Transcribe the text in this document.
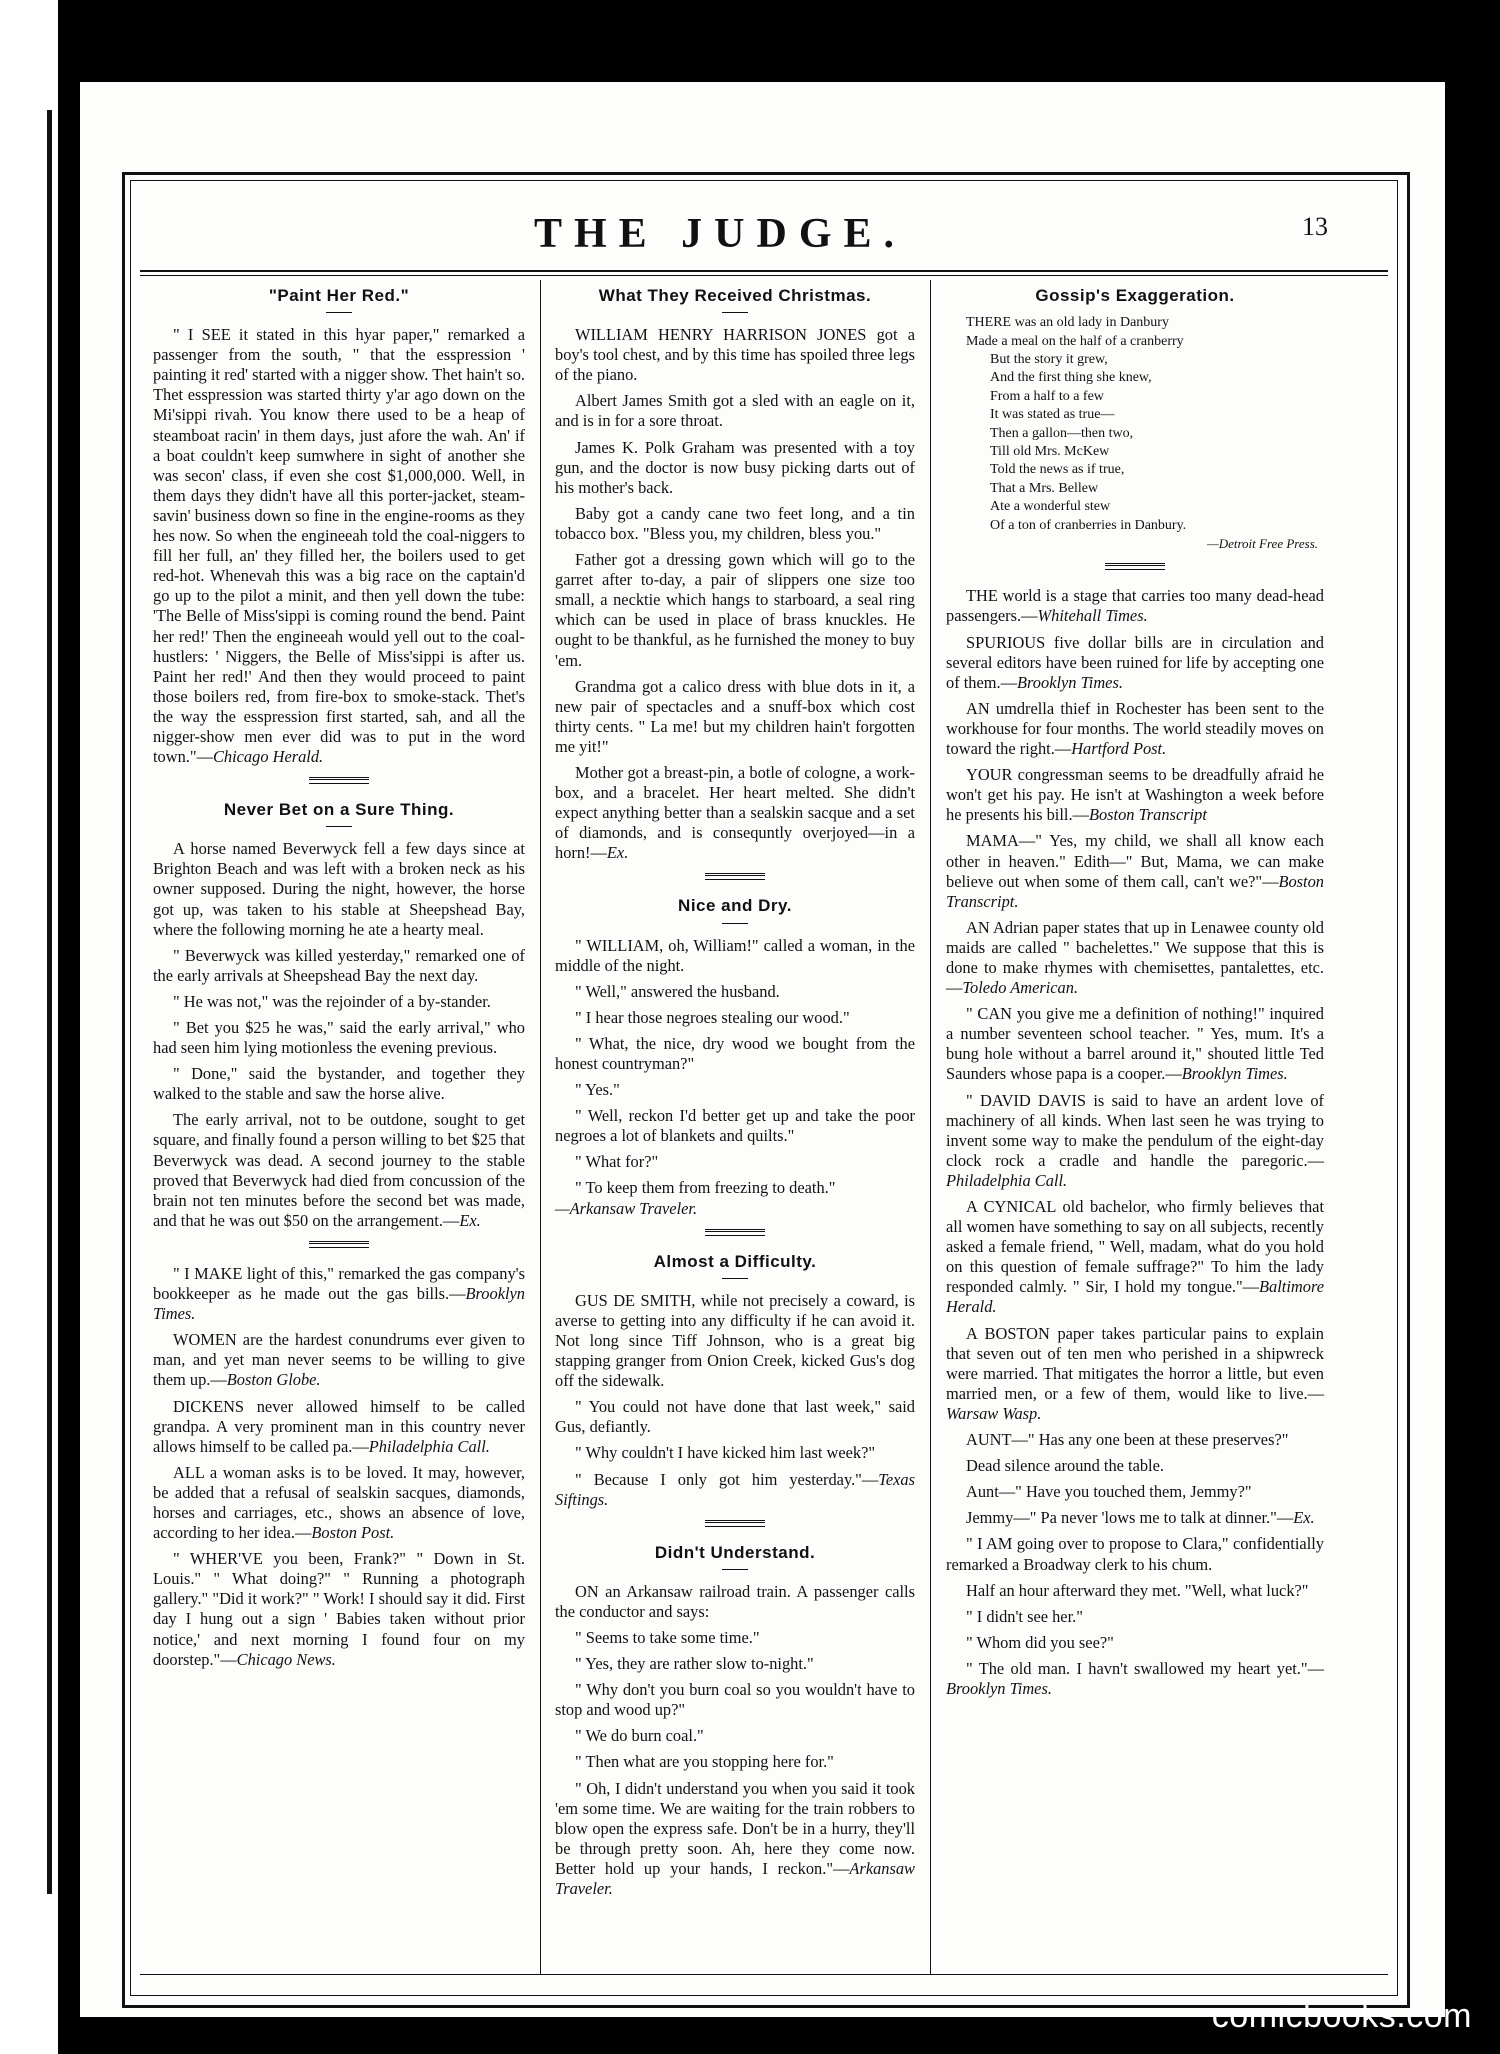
THE JUDGE.	13
"Paint Her Red."

" I SEE it stated in this hyar paper," remarked a passenger from the south, " that the esspression ' painting it red' started with a nigger show. Thet hain't so. Thet esspression was started thirty y'ar ago down on the Mi'sippi rivah. You know there used to be a heap of steamboat racin' in them days, just afore the wah. An' if a boat couldn't keep sumwhere in sight of another she was secon' class, if even she cost $1,000,000. Well, in them days they didn't have all this porter-jacket, steam-savin' business down so fine in the engine-rooms as they hes now. So when the engineeah told the coal-niggers to fill her full, an' they filled her, the boilers used to get red-hot. Whenevah this was a big race on the captain'd go up to the pilot a minit, and then yell down the tube: 'The Belle of Miss'sippi is coming round the bend. Paint her red!' Then the engineeah would yell out to the coal-hustlers: ' Niggers, the Belle of Miss'sippi is after us. Paint her red!' And then they would proceed to paint those boilers red, from fire-box to smoke-stack. Thet's the way the esspression first started, sah, and all the nigger-show men ever did was to put in the word town."—Chicago Herald.

Never Bet on a Sure Thing.

A horse named Beverwyck fell a few days since at Brighton Beach and was left with a broken neck as his owner supposed. During the night, however, the horse got up, was taken to his stable at Sheepshead Bay, where the following morning he ate a hearty meal.

" Beverwyck was killed yesterday," remarked one of the early arrivals at Sheepshead Bay the next day.

" He was not," was the rejoinder of a by-stander.

" Bet you $25 he was," said the early arrival," who had seen him lying motionless the evening previous.

" Done," said the bystander, and together they walked to the stable and saw the horse alive.

The early arrival, not to be outdone, sought to get square, and finally found a person willing to bet $25 that Beverwyck was dead. A second journey to the stable proved that Beverwyck had died from concussion of the brain not ten minutes before the second bet was made, and that he was out $50 on the arrangement.—Ex.

" I MAKE light of this," remarked the gas company's bookkeeper as he made out the gas bills.—Brooklyn Times.

WOMEN are the hardest conundrums ever given to man, and yet man never seems to be willing to give them up.—Boston Globe.

DICKENS never allowed himself to be called grandpa. A very prominent man in this country never allows himself to be called pa.—Philadelphia Call.

ALL a woman asks is to be loved. It may, however, be added that a refusal of sealskin sacques, diamonds, horses and carriages, etc., shows an absence of love, according to her idea.—Boston Post.

" WHER'VE you been, Frank?" " Down in St. Louis." " What doing?" " Running a photograph gallery." "Did it work?" " Work! I should say it did. First day I hung out a sign ' Babies taken without prior notice,' and next morning I found four on my doorstep."—Chicago News.

What They Received Christmas.

WILLIAM HENRY HARRISON JONES got a boy's tool chest, and by this time has spoiled three legs of the piano.

Albert James Smith got a sled with an eagle on it, and is in for a sore throat.

James K. Polk Graham was presented with a toy gun, and the doctor is now busy picking darts out of his mother's back.

Baby got a candy cane two feet long, and a tin tobacco box. "Bless you, my children, bless you."

Father got a dressing gown which will go to the garret after to-day, a pair of slippers one size too small, a necktie which hangs to starboard, a seal ring which can be used in place of brass knuckles. He ought to be thankful, as he furnished the money to buy 'em.

Grandma got a calico dress with blue dots in it, a new pair of spectacles and a snuff-box which cost thirty cents. " La me! but my children hain't forgotten me yit!"

Mother got a breast-pin, a botle of cologne, a work-box, and a bracelet. Her heart melted. She didn't expect anything better than a sealskin sacque and a set of diamonds, and is consequntly overjoyed—in a horn!—Ex.

Nice and Dry.

" WILLIAM, oh, William!" called a woman, in the middle of the night.

" Well," answered the husband.

" I hear those negroes stealing our wood."

" What, the nice, dry wood we bought from the honest countryman?"

" Yes."

" Well, reckon I'd better get up and take the poor negroes a lot of blankets and quilts."

" What for?"

" To keep them from freezing to death."
—Arkansaw Traveler.

Almost a Difficulty.

GUS DE SMITH, while not precisely a coward, is averse to getting into any difficulty if he can avoid it. Not long since Tiff Johnson, who is a great big stapping granger from Onion Creek, kicked Gus's dog off the sidewalk.

" You could not have done that last week," said Gus, defiantly.

" Why couldn't I have kicked him last week?"

" Because I only got him yesterday."—Texas Siftings.

Didn't Understand.

ON an Arkansaw railroad train. A passenger calls the conductor and says:

" Seems to take some time."

" Yes, they are rather slow to-night."

" Why don't you burn coal so you wouldn't have to stop and wood up?"

" We do burn coal."

" Then what are you stopping here for."

" Oh, I didn't understand you when you said it took 'em some time. We are waiting for the train robbers to blow open the express safe. Don't be in a hurry, they'll be through pretty soon. Ah, here they come now. Better hold up your hands, I reckon."—Arkansaw Traveler.

Gossip's Exaggeration.
THERE was an old lady in Danbury
Made a meal on the half of a cranberry
But the story it grew,
And the first thing she knew,
From a half to a few
It was stated as true—
Then a gallon—then two,
Till old Mrs. McKew
Told the news as if true,
That a Mrs. Bellew
Ate a wonderful stew
Of a ton of cranberries in Danbury.
—Detroit Free Press.

THE world is a stage that carries too many dead-head passengers.—Whitehall Times.

SPURIOUS five dollar bills are in circulation and several editors have been ruined for life by accepting one of them.—Brooklyn Times.

AN umdrella thief in Rochester has been sent to the workhouse for four months. The world steadily moves on toward the right.—Hartford Post.

YOUR congressman seems to be dreadfully afraid he won't get his pay. He isn't at Washington a week before he presents his bill.—Boston Transcript

MAMA—" Yes, my child, we shall all know each other in heaven." Edith—" But, Mama, we can make believe out when some of them call, can't we?"—Boston Transcript.

AN Adrian paper states that up in Lenawee county old maids are called " bachelettes." We suppose that this is done to make rhymes with chemisettes, pantalettes, etc.—Toledo American.

" CAN you give me a definition of nothing!" inquired a number seventeen school teacher. " Yes, mum. It's a bung hole without a barrel around it," shouted little Ted Saunders whose papa is a cooper.—Brooklyn Times.

" DAVID DAVIS is said to have an ardent love of machinery of all kinds. When last seen he was trying to invent some way to make the pendulum of the eight-day clock rock a cradle and handle the paregoric.—Philadelphia Call.

A CYNICAL old bachelor, who firmly believes that all women have something to say on all subjects, recently asked a female friend, " Well, madam, what do you hold on this question of female suffrage?" To him the lady responded calmly. " Sir, I hold my tongue."—Baltimore Herald.

A BOSTON paper takes particular pains to explain that seven out of ten men who perished in a shipwreck were married. That mitigates the horror a little, but even married men, or a few of them, would like to live.—Warsaw Wasp.

AUNT—" Has any one been at these preserves?"

Dead silence around the table.

Aunt—" Have you touched them, Jemmy?"

Jemmy—" Pa never 'lows me to talk at dinner."—Ex.

" I AM going over to propose to Clara," confidentially remarked a Broadway clerk to his chum.

Half an hour afterward they met. "Well, what luck?"

" I didn't see her."

" Whom did you see?"

" The old man. I havn't swallowed my heart yet."—Brooklyn Times.

comicbooks.com
